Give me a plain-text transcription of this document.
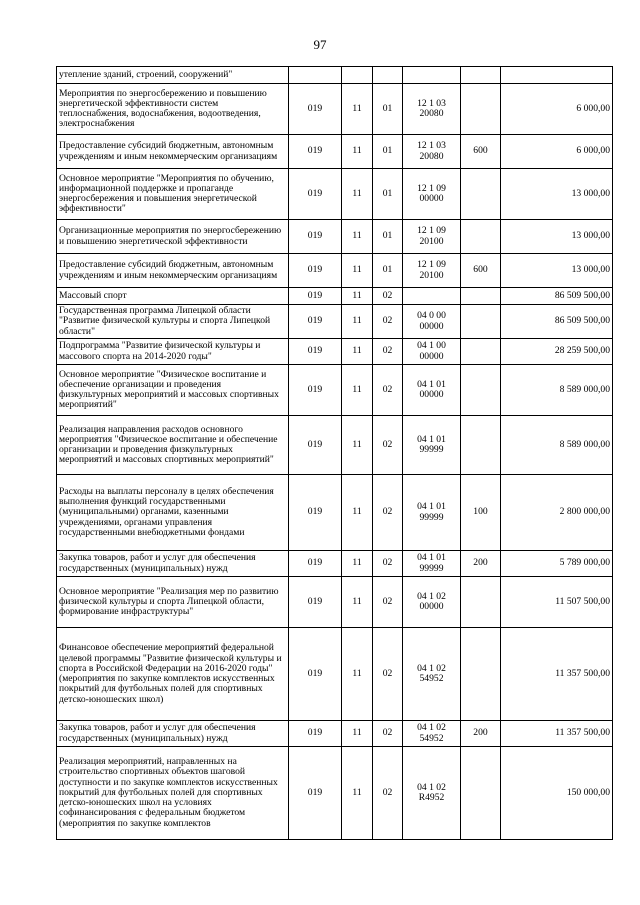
97
утепление зданий, строений, сооружений"						
Мероприятия по энергосбережению и повышению энергетической эффективности систем теплоснабжения, водоснабжения, водоотведения, электроснабжения	019	11	01	12 1 03 20080		6 000,00
Предоставление субсидий бюджетным, автономным учреждениям и иным некоммерческим организациям	019	11	01	12 1 03 20080	600	6 000,00
Основное мероприятие "Мероприятия по обучению, информационной поддержке и пропаганде энергосбережения и повышения энергетической эффективности"	019	11	01	12 1 09 00000		13 000,00
Организационные мероприятия по энергосбережению и повышению энергетической эффективности	019	11	01	12 1 09 20100		13 000,00
Предоставление субсидий бюджетным, автономным учреждениям и иным некоммерческим организациям	019	11	01	12 1 09 20100	600	13 000,00
Массовый спорт	019	11	02			86 509 500,00
Государственная программа Липецкой области "Развитие физической культуры и спорта Липецкой области"	019	11	02	04 0 00 00000		86 509 500,00
Подпрограмма "Развитие физической культуры и массового спорта на 2014-2020 годы"	019	11	02	04 1 00 00000		28 259 500,00
Основное мероприятие "Физическое воспитание и обеспечение организации и проведения физкультурных мероприятий и массовых спортивных мероприятий"	019	11	02	04 1 01 00000		8 589 000,00
Реализация направления расходов основного мероприятия "Физическое воспитание и обеспечение организации и проведения физкультурных мероприятий и массовых спортивных мероприятий"	019	11	02	04 1 01 99999		8 589 000,00
Расходы на выплаты персоналу в целях обеспечения выполнения функций государственными (муниципальными) органами, казенными учреждениями, органами управления государственными внебюджетными фондами	019	11	02	04 1 01 99999	100	2 800 000,00
Закупка товаров, работ и услуг для обеспечения государственных (муниципальных) нужд	019	11	02	04 1 01 99999	200	5 789 000,00
Основное мероприятие "Реализация мер по развитию физической культуры и спорта Липецкой области, формирование инфраструктуры"	019	11	02	04 1 02 00000		11 507 500,00
Финансовое обеспечение мероприятий федеральной целевой программы "Развитие физической культуры и спорта в Российской Федерации на 2016-2020 годы" (мероприятия по закупке комплектов искусственных покрытий для футбольных полей для спортивных детско-юношеских школ)	019	11	02	04 1 02 54952		11 357 500,00
Закупка товаров, работ и услуг для обеспечения государственных (муниципальных) нужд	019	11	02	04 1 02 54952	200	11 357 500,00
Реализация мероприятий, направленных на строительство спортивных объектов шаговой доступности и по закупке комплектов искусственных покрытий для футбольных полей для спортивных детско-юношеских школ на условиях софинансирования с федеральным бюджетом (мероприятия по закупке комплектов	019	11	02	04 1 02 R4952		150 000,00
